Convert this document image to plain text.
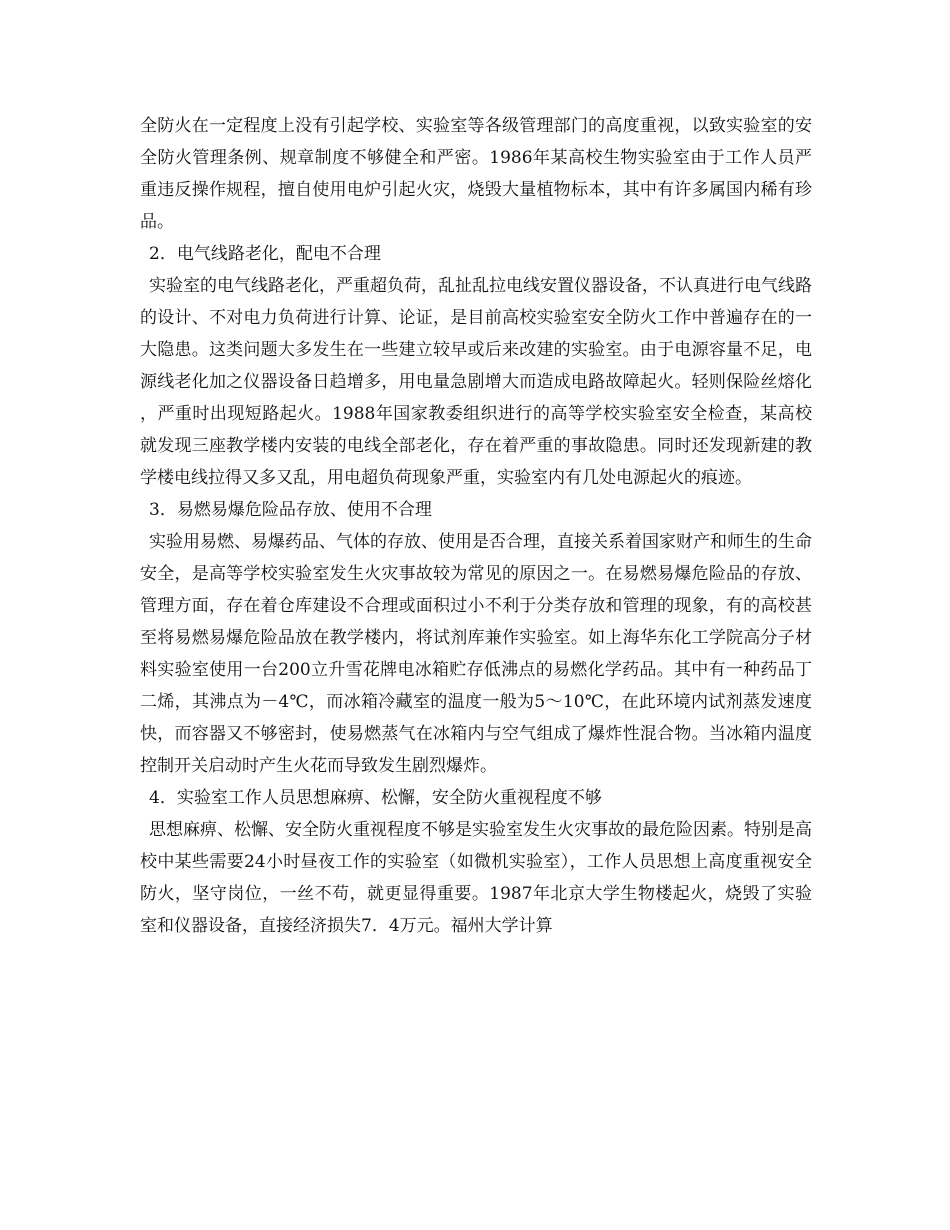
全防火在一定程度上没有引起学校、实验室等各级管理部门的高度重视，以致实验室的安全防火管理条例、规章制度不够健全和严密。1986年某高校生物实验室由于工作人员严重违反操作规程，擅自使用电炉引起火灾，烧毁大量植物标本，其中有许多属国内稀有珍品。

2．电气线路老化，配电不合理

实验室的电气线路老化，严重超负荷，乱扯乱拉电线安置仪器设备，不认真进行电气线路的设计、不对电力负荷进行计算、论证，是目前高校实验室安全防火工作中普遍存在的一大隐患。这类问题大多发生在一些建立较早或后来改建的实验室。由于电源容量不足，电源线老化加之仪器设备日趋增多，用电量急剧增大而造成电路故障起火。轻则保险丝熔化，严重时出现短路起火。1988年国家教委组织进行的高等学校实验室安全检查，某高校就发现三座教学楼内安装的电线全部老化，存在着严重的事故隐患。同时还发现新建的教学楼电线拉得又多又乱，用电超负荷现象严重，实验室内有几处电源起火的痕迹。

3．易燃易爆危险品存放、使用不合理

实验用易燃、易爆药品、气体的存放、使用是否合理，直接关系着国家财产和师生的生命安全，是高等学校实验室发生火灾事故较为常见的原因之一。在易燃易爆危险品的存放、管理方面，存在着仓库建设不合理或面积过小不利于分类存放和管理的现象，有的高校甚至将易燃易爆危险品放在教学楼内，将试剂库兼作实验室。如上海华东化工学院高分子材料实验室使用一台200立升雪花牌电冰箱贮存低沸点的易燃化学药品。其中有一种药品丁二烯，其沸点为－4℃，而冰箱冷藏室的温度一般为5～10℃，在此环境内试剂蒸发速度快，而容器又不够密封，使易燃蒸气在冰箱内与空气组成了爆炸性混合物。当冰箱内温度控制开关启动时产生火花而导致发生剧烈爆炸。

4．实验室工作人员思想麻痹、松懈，安全防火重视程度不够

思想麻痹、松懈、安全防火重视程度不够是实验室发生火灾事故的最危险因素。特别是高校中某些需要24小时昼夜工作的实验室（如微机实验室），工作人员思想上高度重视安全防火，坚守岗位，一丝不苟，就更显得重要。1987年北京大学生物楼起火，烧毁了实验室和仪器设备，直接经济损失7．4万元。福州大学计算
